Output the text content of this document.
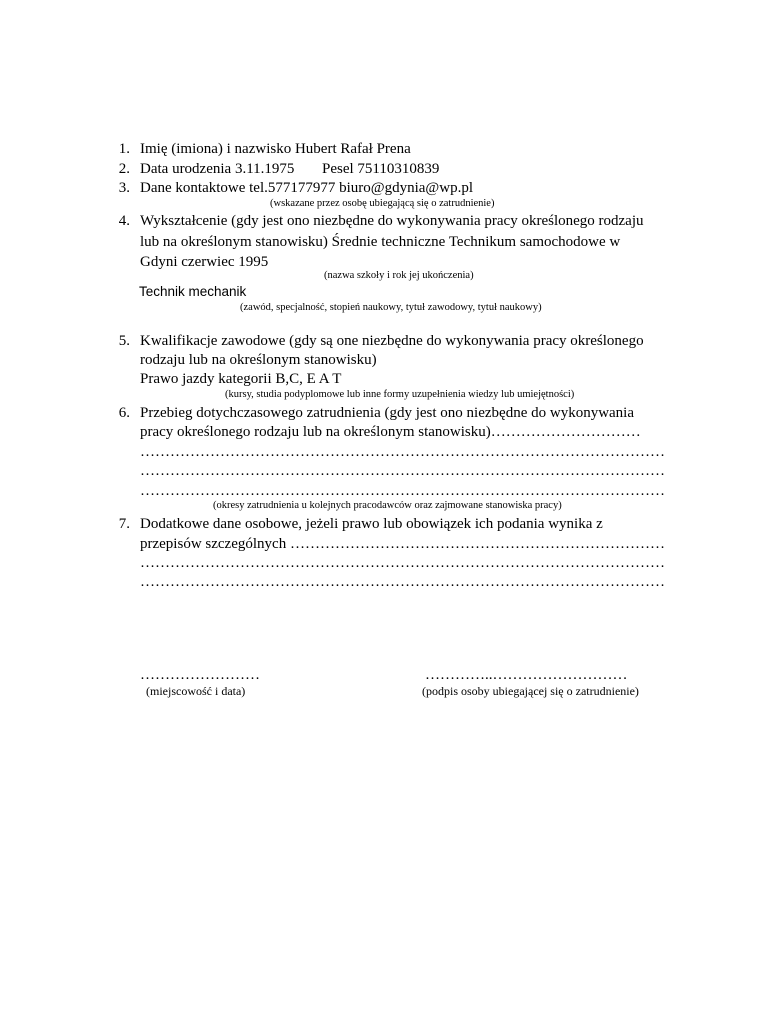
1. Imię (imiona) i nazwisko Hubert Rafał Prena
2. Data urodzenia 3.11.1975 Pesel 75110310839
3. Dane kontaktowe tel.577177977 biuro@gdynia@wp.pl
(wskazane przez osobę ubiegającą się o zatrudnienie)
4. Wykształcenie (gdy jest ono niezbędne do wykonywania pracy określonego rodzaju
lub na określonym stanowisku) Średnie techniczne Technikum samochodowe w
Gdyni czerwiec 1995
(nazwa szkoły i rok jej ukończenia)
Technik mechanik
(zawód, specjalność, stopień naukowy, tytuł zawodowy, tytuł naukowy)
5. Kwalifikacje zawodowe (gdy są one niezbędne do wykonywania pracy określonego
rodzaju lub na określonym stanowisku)
Prawo jazdy kategorii B,C, E A T
(kursy, studia podyplomowe lub inne formy uzupełnienia wiedzy lub umiejętności)
6. Przebieg dotychczasowego zatrudnienia (gdy jest ono niezbędne do wykonywania
pracy określonego rodzaju lub na określonym stanowisku)…………………………
……………………………………………………………………………………………
……………………………………………………………………………………………
……………………………………………………………………………………………
(okresy zatrudnienia u kolejnych pracodawców oraz zajmowane stanowiska pracy)
7. Dodatkowe dane osobowe, jeżeli prawo lub obowiązek ich podania wynika z
przepisów szczególnych …………………………………………………………………
……………………………………………………………………………………………
……………………………………………………………………………………………
……………………
(miejscowość i data)
…………..………………………
(podpis osoby ubiegającej się o zatrudnienie)
